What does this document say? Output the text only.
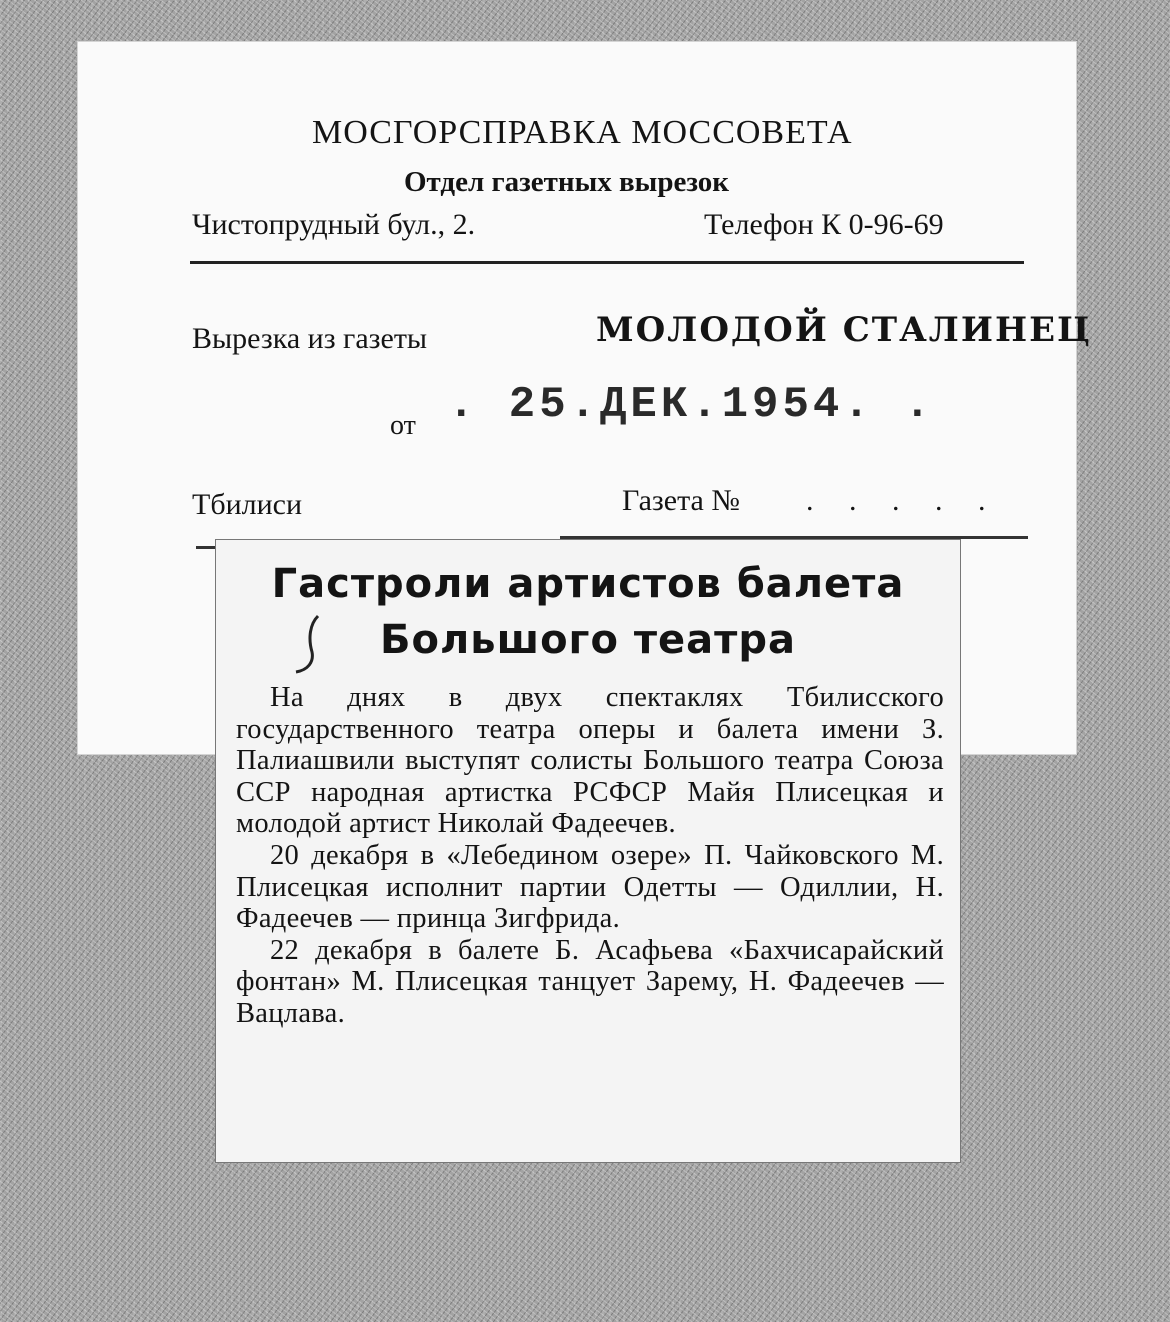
МОСГОРСПРАВКА МОССОВЕТА
Отдел газетных вырезок
Чистопрудный бул., 2.	Телефон К 0-96-69
Вырезка из газеты	МОЛОДОЙ СТАЛИНЕЦ
от . 25.ДЕК.1954. .
Тбилиси	Газета № . . . . .
Гастроли артистов балета
Большого театра

На днях в двух спектаклях Тбилисского государственного театра оперы и балета имени З. Палиашвили выступят солисты Большого театра Союза ССР народная артистка РСФСР Майя Плисецкая и молодой артист Николай Фадеечев.

20 декабря в «Лебедином озере» П. Чайковского М. Плисецкая исполнит партии Одетты — Одиллии, Н. Фадеечев — принца Зигфрида.

22 декабря в балете Б. Асафьева «Бахчисарайский фонтан» М. Плисецкая танцует Зарему, Н. Фадеечев — Вацлава.
